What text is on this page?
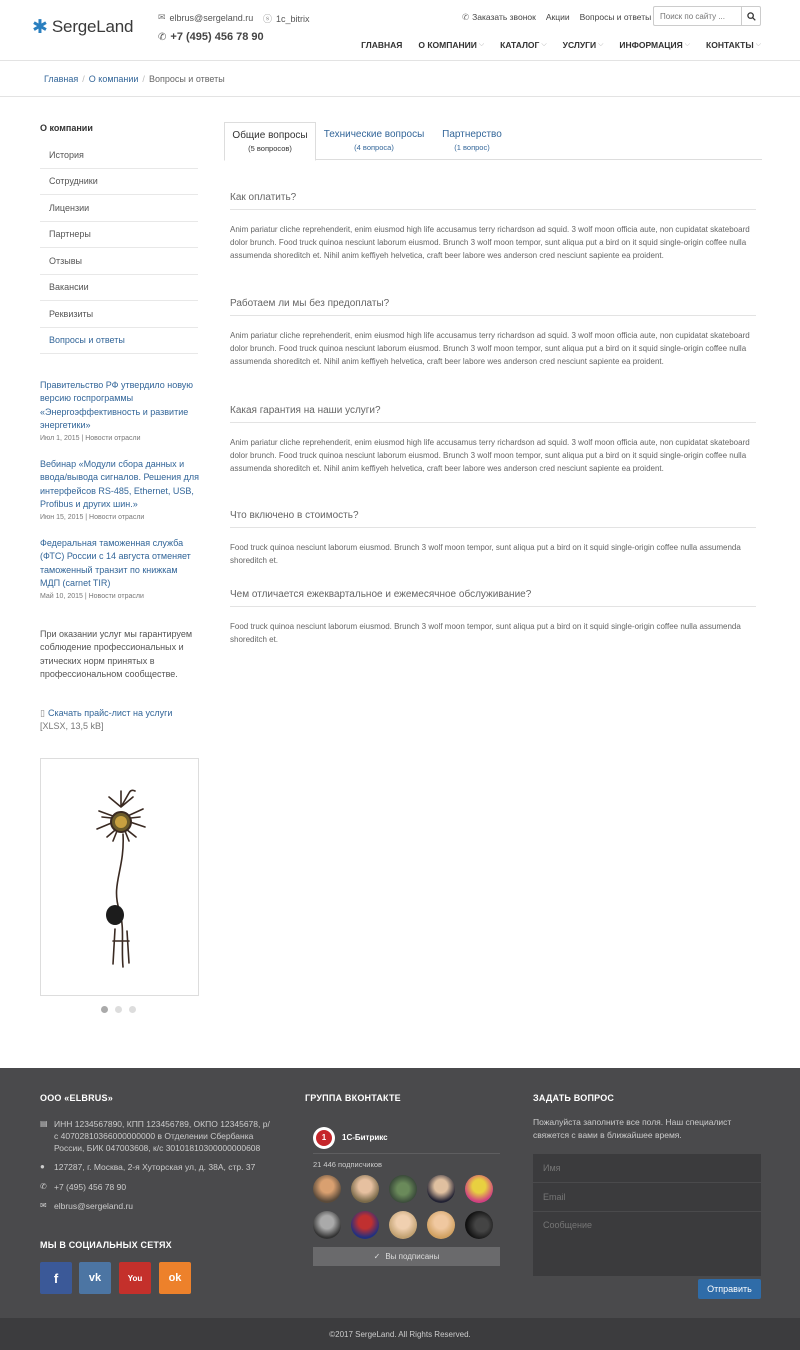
✱ SergeLand	✉ elbrus@sergeland.ru ⓢ 1c_bitrix
✆ +7 (495) 456 78 90
✆ Заказать звонок Акции Вопросы и ответы
Поиск по сайту ...
ГЛАВНАЯ О КОМПАНИИ ⌵ КАТАЛОГ ⌵ УСЛУГИ ⌵ ИНФОРМАЦИЯ ⌵ КОНТАКТЫ ⌵
Главная / О компании / Вопросы и ответы
О компании
История
Сотрудники
Лицензии
Партнеры
Отзывы
Вакансии
Реквизиты
Вопросы и ответы
Правительство РФ утвердило новую версию госпрограммы «Энергоэффективность и развитие энергетики»
Июл 1, 2015 | Новости отрасли
Вебинар «Модули сбора данных и ввода/вывода сигналов. Решения для интерфейсов RS-485, Ethernet, USB, Profibus и других шин.»
Июн 15, 2015 | Новости отрасли
Федеральная таможенная служба (ФТС) России с 14 августа отменяет таможенный транзит по книжкам МДП (carnet TIR)
Май 10, 2015 | Новости отрасли
При оказании услуг мы гарантируем соблюдение профессиональных и этических норм принятых в профессиональном сообществе.
▯ Скачать прайс-лист на услуги [XLSX, 13,5 kB]
Общие вопросы
(5 вопросов)
Технические вопросы
(4 вопроса)
Партнерство
(1 вопрос)
Как оплатить?
Anim pariatur cliche reprehenderit, enim eiusmod high life accusamus terry richardson ad squid. 3 wolf moon officia aute, non cupidatat skateboard dolor brunch. Food truck quinoa nesciunt laborum eiusmod. Brunch 3 wolf moon tempor, sunt aliqua put a bird on it squid single-origin coffee nulla assumenda shoreditch et. Nihil anim keffiyeh helvetica, craft beer labore wes anderson cred nesciunt sapiente ea proident.
Работаем ли мы без предоплаты?
Anim pariatur cliche reprehenderit, enim eiusmod high life accusamus terry richardson ad squid. 3 wolf moon officia aute, non cupidatat skateboard dolor brunch. Food truck quinoa nesciunt laborum eiusmod. Brunch 3 wolf moon tempor, sunt aliqua put a bird on it squid single-origin coffee nulla assumenda shoreditch et. Nihil anim keffiyeh helvetica, craft beer labore wes anderson cred nesciunt sapiente ea proident.
Какая гарантия на наши услуги?
Anim pariatur cliche reprehenderit, enim eiusmod high life accusamus terry richardson ad squid. 3 wolf moon officia aute, non cupidatat skateboard dolor brunch. Food truck quinoa nesciunt laborum eiusmod. Brunch 3 wolf moon tempor, sunt aliqua put a bird on it squid single-origin coffee nulla assumenda shoreditch et. Nihil anim keffiyeh helvetica, craft beer labore wes anderson cred nesciunt sapiente ea proident.
Что включено в стоимость?
Food truck quinoa nesciunt laborum eiusmod. Brunch 3 wolf moon tempor, sunt aliqua put a bird on it squid single-origin coffee nulla assumenda shoreditch et.
Чем отличается ежеквартальное и ежемесячное обслуживание?
Food truck quinoa nesciunt laborum eiusmod. Brunch 3 wolf moon tempor, sunt aliqua put a bird on it squid single-origin coffee nulla assumenda shoreditch et.
ООО «ELBRUS»
▤ ИНН 1234567890, КПП 123456789, ОКПО 12345678, р/с 40702810366000000000 в Отделении Сбербанка России, БИК 047003608, к/с 30101810300000000608
●	127287, г. Москва, 2-я Хуторская ул, д. 38А, стр. 37
✆ +7 (495) 456 78 90
✉ elbrus@sergeland.ru
МЫ В СОЦИАЛЬНЫХ СЕТЯХ
f	vk	You ok
ГРУППА ВКОНТАКТЕ
1	1С-Битрикс
21 446 подписчиков
✓ Вы подписаны
ЗАДАТЬ ВОПРОС
Пожалуйста заполните все поля. Наш специалист свяжется с вами в ближайшее время.
Имя
Email
Сообщение
Отправить
©2017 SergeLand. All Rights Reserved.
